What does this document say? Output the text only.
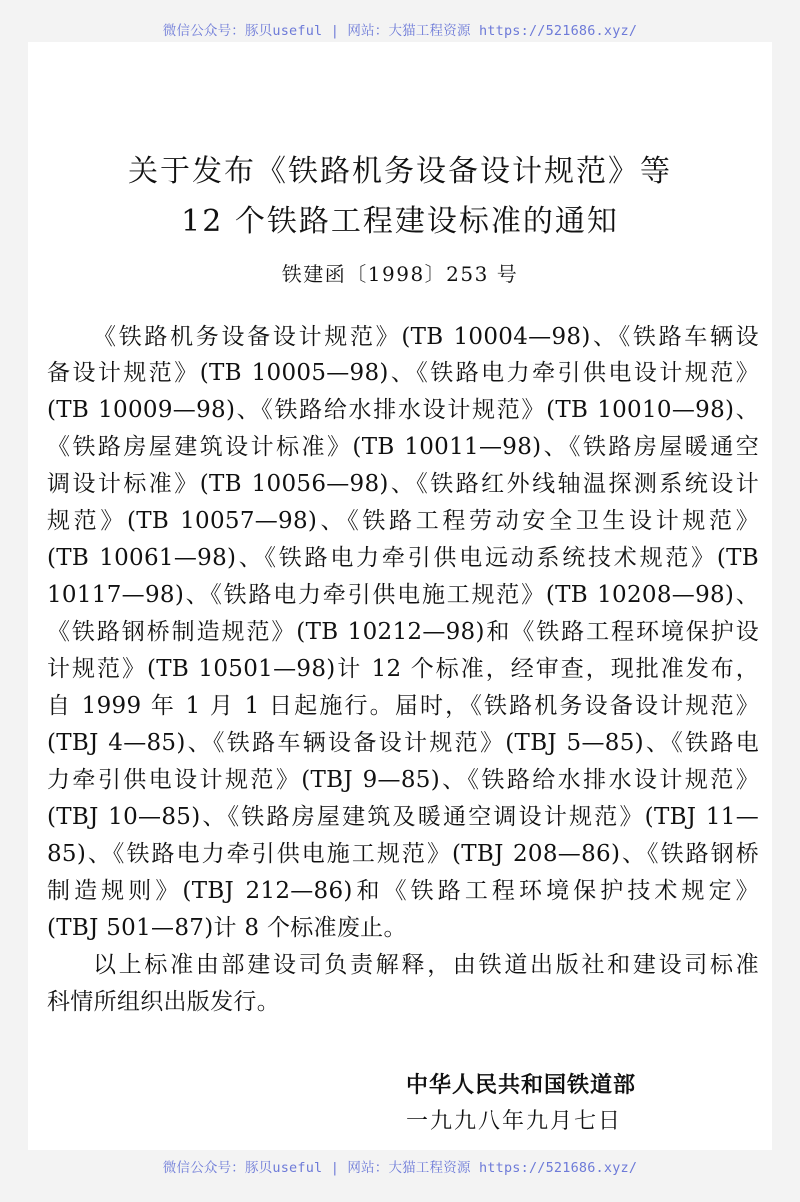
微信公众号：豚贝useful | 网站：大猫工程资源 https://521686.xyz/
关于发布《铁路机务设备设计规范》等
12 个铁路工程建设标准的通知
铁建函〔1998〕253 号
《铁路机务设备设计规范》(TB 10004—98)、《铁路车辆设
备设计规范》(TB 10005—98)、《铁路电力牵引供电设计规范》
(TB 10009—98)、《铁路给水排水设计规范》(TB 10010—98)、
《铁路房屋建筑设计标准》(TB 10011—98)、《铁路房屋暖通空
调设计标准》(TB 10056—98)、《铁路红外线轴温探测系统设计
规范》(TB 10057—98)、《铁路工程劳动安全卫生设计规范》
(TB 10061—98)、《铁路电力牵引供电远动系统技术规范》(TB
10117—98)、《铁路电力牵引供电施工规范》(TB 10208—98)、
《铁路钢桥制造规范》(TB 10212—98)和《铁路工程环境保护设
计规范》(TB 10501—98)计 12 个标准，经审查，现批准发布，
自 1999 年 1 月 1 日起施行。届时，《铁路机务设备设计规范》
(TBJ 4—85)、《铁路车辆设备设计规范》(TBJ 5—85)、《铁路电
力牵引供电设计规范》(TBJ 9—85)、《铁路给水排水设计规范》
(TBJ 10—85)、《铁路房屋建筑及暖通空调设计规范》(TBJ 11—
85)、《铁路电力牵引供电施工规范》(TBJ 208—86)、《铁路钢桥
制造规则》(TBJ 212—86)和《铁路工程环境保护技术规定》
(TBJ 501—87)计 8 个标准废止。
以上标准由部建设司负责解释，由铁道出版社和建设司标准
科情所组织出版发行。
中华人民共和国铁道部
一九九八年九月七日
微信公众号：豚贝useful | 网站：大猫工程资源 https://521686.xyz/
